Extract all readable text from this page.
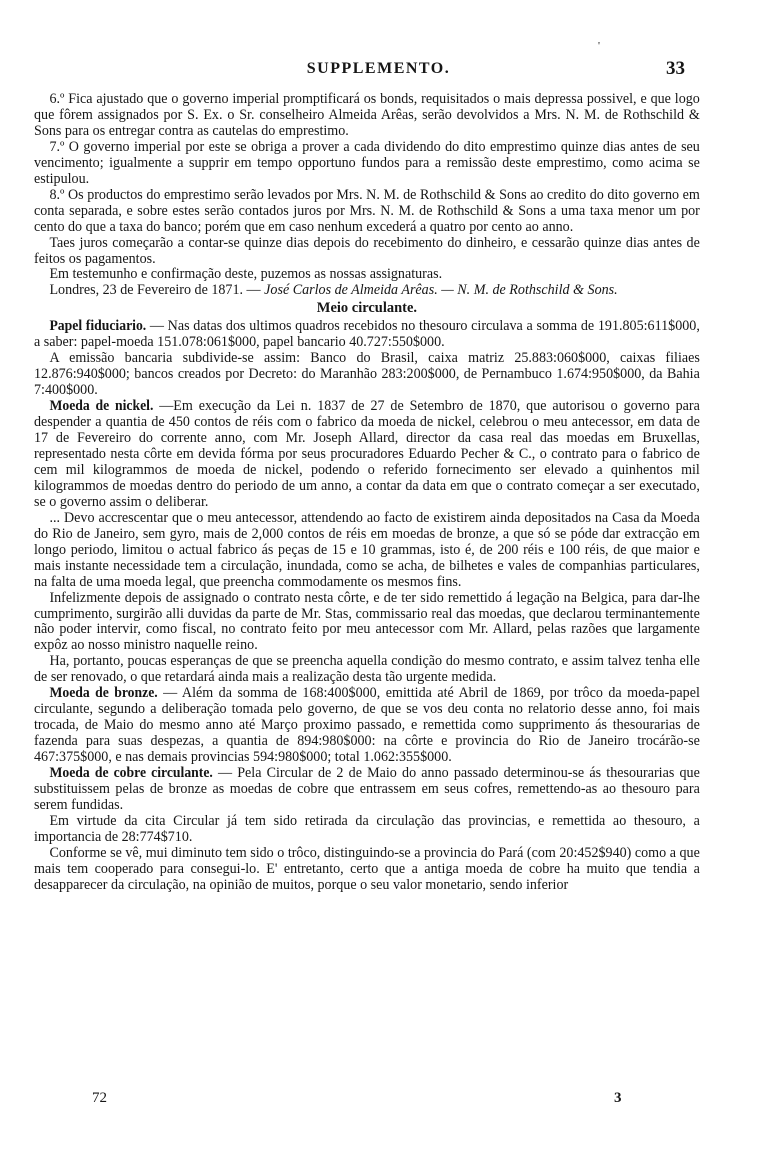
'
SUPPLEMENTO.	33

6.º Fica ajustado que o governo imperial promptificará os bonds, requisitados o mais depressa possivel, e que logo que fôrem assignados por S. Ex. o Sr. conselheiro Almeida Arêas, serão devolvidos a Mrs. N. M. de Rothschild & Sons para os entregar contra as cautelas do emprestimo.

7.º O governo imperial por este se obriga a prover a cada dividendo do dito emprestimo quinze dias antes de seu vencimento; igualmente a supprir em tempo opportuno fundos para a remissão deste emprestimo, como acima se estipulou.

8.º Os productos do emprestimo serão levados por Mrs. N. M. de Rothschild & Sons ao credito do dito governo em conta separada, e sobre estes serão contados juros por Mrs. N. M. de Rothschild & Sons a uma taxa menor um por cento do que a taxa do banco; porém que em caso nenhum excederá a quatro por cento ao anno.

Taes juros começarão a contar-se quinze dias depois do recebimento do dinheiro, e cessarão quinze dias antes de feitos os pagamentos.

Em testemunho e confirmação deste, puzemos as nossas assignaturas.

Londres, 23 de Fevereiro de 1871. — José Carlos de Almeida Arêas. — N. M. de Rothschild & Sons.

Meio circulante.

Papel fiduciario. — Nas datas dos ultimos quadros recebidos no thesouro circulava a somma de 191.805:611$000, a saber: papel-moeda 151.078:061$000, papel bancario 40.727:550$000.

A emissão bancaria subdivide-se assim: Banco do Brasil, caixa matriz 25.883:060$000, caixas filiaes 12.876:940$000; bancos creados por Decreto: do Maranhão 283:200$000, de Pernambuco 1.674:950$000, da Bahia 7:400$000.

Moeda de nickel. —Em execução da Lei n. 1837 de 27 de Setembro de 1870, que autorisou o governo para despender a quantia de 450 contos de réis com o fabrico da moeda de nickel, celebrou o meu antecessor, em data de 17 de Fevereiro do corrente anno, com Mr. Joseph Allard, director da casa real das moedas em Bruxellas, representado nesta côrte em devida fórma por seus procuradores Eduardo Pecher & C., o contrato para o fabrico de cem mil kilogrammos de moeda de nickel, podendo o referido fornecimento ser elevado a quinhentos mil kilogrammos de moedas dentro do periodo de um anno, a contar da data em que o contrato começar a ser executado, se o governo assim o deliberar.

... Devo accrescentar que o meu antecessor, attendendo ao facto de existirem ainda depositados na Casa da Moeda do Rio de Janeiro, sem gyro, mais de 2,000 contos de réis em moedas de bronze, a que só se póde dar extracção em longo periodo, limitou o actual fabrico ás peças de 15 e 10 grammas, isto é, de 200 réis e 100 réis, de que maior e mais instante necessidade tem a circulação, inundada, como se acha, de bilhetes e vales de companhias particulares, na falta de uma moeda legal, que preencha commodamente os mesmos fins.

Infelizmente depois de assignado o contrato nesta côrte, e de ter sido remettido á legação na Belgica, para dar-lhe cumprimento, surgirão alli duvidas da parte de Mr. Stas, commissario real das moedas, que declarou terminantemente não poder intervir, como fiscal, no contrato feito por meu antecessor com Mr. Allard, pelas razões que largamente expôz ao nosso ministro naquelle reino.

Ha, portanto, poucas esperanças de que se preencha aquella condição do mesmo contrato, e assim talvez tenha elle de ser renovado, o que retardará ainda mais a realização desta tão urgente medida.

Moeda de bronze. — Além da somma de 168:400$000, emittida até Abril de 1869, por trôco da moeda-papel circulante, segundo a deliberação tomada pelo governo, de que se vos deu conta no relatorio desse anno, foi mais trocada, de Maio do mesmo anno até Março proximo passado, e remettida como supprimento ás thesourarias de fazenda para suas despezas, a quantia de 894:980$000: na côrte e provincia do Rio de Janeiro trocárão-se 467:375$000, e nas demais provincias 594:980$000; total 1.062:355$000.

Moeda de cobre circulante. — Pela Circular de 2 de Maio do anno passado determinou-se ás thesourarias que substituissem pelas de bronze as moedas de cobre que entrassem em seus cofres, remettendo-as ao thesouro para serem fundidas.

Em virtude da cita Circular já tem sido retirada da circulação das provincias, e remettida ao thesouro, a importancia de 28:774$710.

Conforme se vê, mui diminuto tem sido o trôco, distinguindo-se a provincia do Pará (com 20:452$940) como a que mais tem cooperado para consegui-lo. E' entretanto, certo que a antiga moeda de cobre ha muito que tendia a desapparecer da circulação, na opinião de muitos, porque o seu valor monetario, sendo inferior

72	3
